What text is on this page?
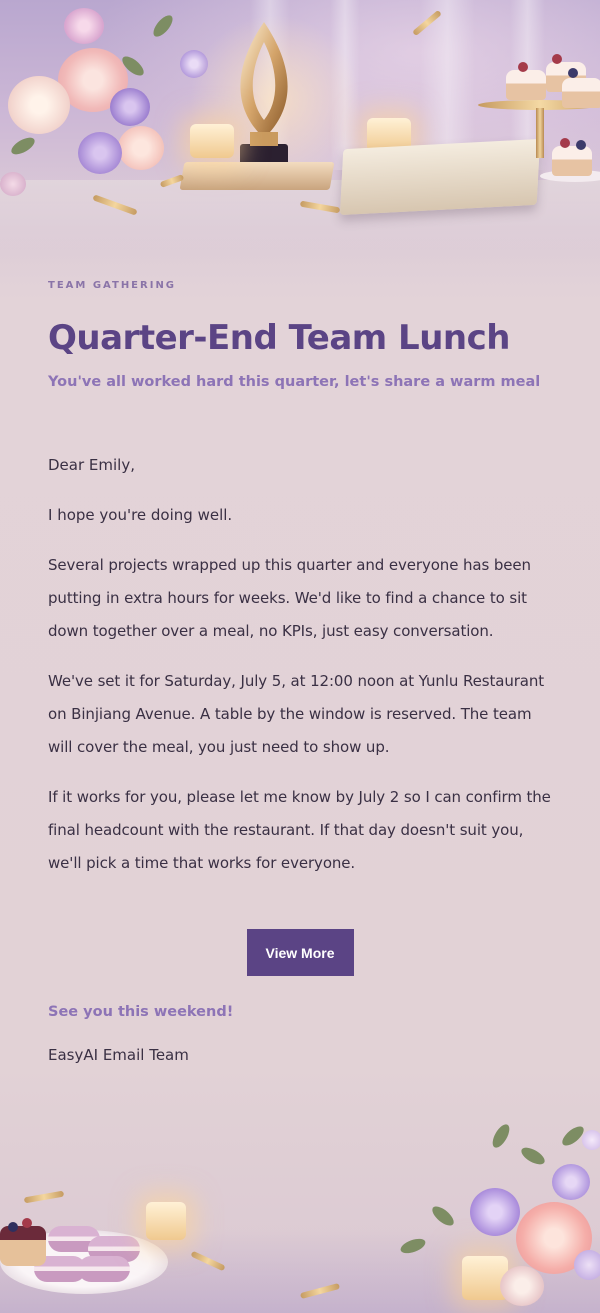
TEAM GATHERING

Quarter-End Team Lunch

You've all worked hard this quarter, let's share a warm meal

Dear Emily,

I hope you're doing well.

Several projects wrapped up this quarter and everyone has been putting in extra hours for weeks. We'd like to find a chance to sit down together over a meal, no KPIs, just easy conversation.

We've set it for Saturday, July 5, at 12:00 noon at Yunlu Restaurant on Binjiang Avenue. A table by the window is reserved. The team will cover the meal, you just need to show up.

If it works for you, please let me know by July 2 so I can confirm the final headcount with the restaurant. If that day doesn't suit you, we'll pick a time that works for everyone.

View More

See you this weekend!

EasyAI Email Team
